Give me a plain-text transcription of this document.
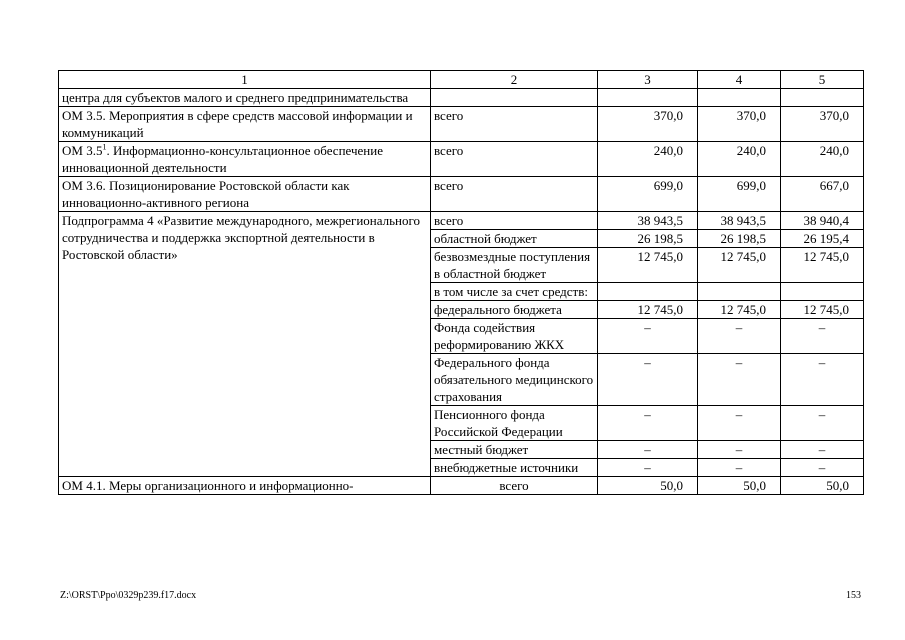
1	2	3	4	5
центра для субъектов малого и среднего предпринимательства				
ОМ 3.5. Мероприятия в сфере средств массовой информации и коммуникаций	всего	370,0	370,0	370,0
ОМ $3.5^1$. Информационно-консультационное обеспечение инновационной деятельности	всего	240,0	240,0	240,0
ОМ 3.6. Позиционирование Ростовской области как инновационно-активного региона	всего	699,0	699,0	667,0
Подпрограмма 4 «Развитие международного, межрегионального сотрудничества и поддержка экспортной деятельности в Ростовской области»	всего	38 943,5	38 943,5	38 940,4
	областной бюджет	26 198,5	26 198,5	26 195,4
	безвозмездные поступления в областной бюджет	12 745,0	12 745,0	12 745,0
	в том числе за счет средств:			
	федерального бюджета	12 745,0	12 745,0	12 745,0
	Фонда содействия реформированию ЖКХ	–	–	–
	Федерального фонда обязательного медицинского страхования	–	–	–
	Пенсионного фонда Российской Федерации	–	–	–
	местный бюджет	–	–	–
	внебюджетные источники	–	–	–
ОМ 4.1. Меры организационного и информационно-	всего	50,0	50,0	50,0
Z:\ORST\Ppo\0329p239.f17.docx	153
